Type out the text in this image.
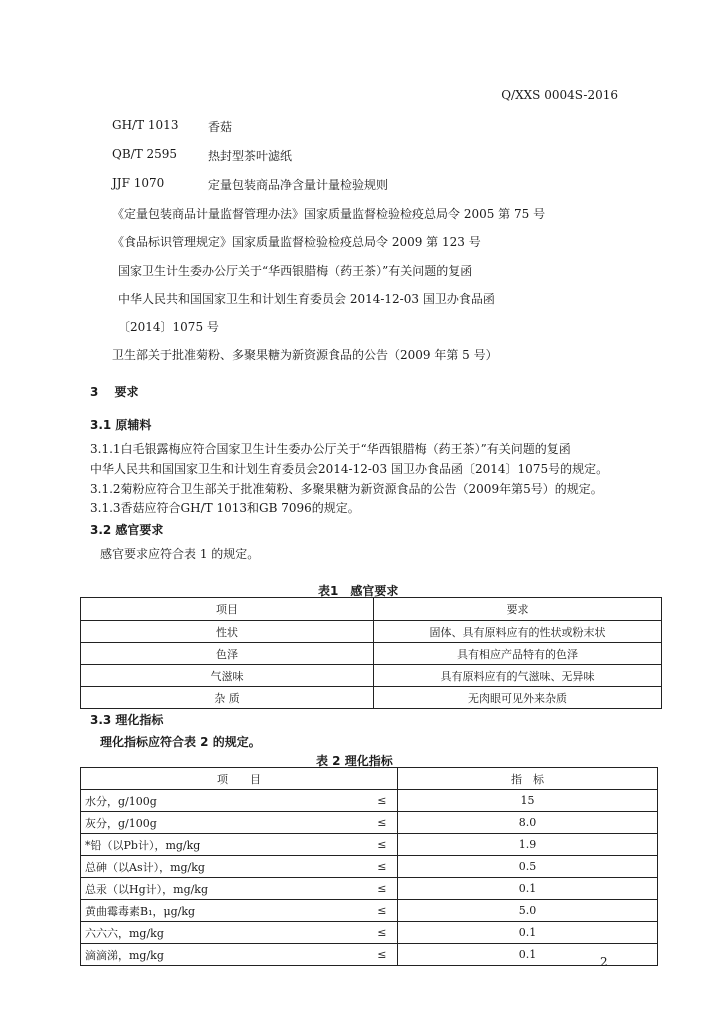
Q/XXS 0004S-2016
GH/T 1013 香菇
QB/T 2595	热封型茶叶滤纸
JJF 1070	定量包装商品净含量计量检验规则
《定量包装商品计量监督管理办法》国家质量监督检验检疫总局令 2005 第 75 号
《食品标识管理规定》国家质量监督检验检疫总局令 2009 第 123 号
国家卫生计生委办公厅关于“华西银腊梅（药王茶）”有关问题的复函
中华人民共和国国家卫生和计划生育委员会 2014-12-03 国卫办食品函
〔2014〕1075 号
卫生部关于批准菊粉、多聚果糖为新资源食品的公告（2009 年第 5 号）
3　 要求
3.1 原辅料
3.1.1白毛银露梅应符合国家卫生计生委办公厅关于“华西银腊梅（药王茶）”有关问题的复函
中华人民共和国国家卫生和计划生育委员会2014-12-03 国卫办食品函〔2014〕1075号的规定。
3.1.2菊粉应符合卫生部关于批准菊粉、多聚果糖为新资源食品的公告（2009年第5号）的规定。
3.1.3香菇应符合GH/T 1013和GB 7096的规定。
3.2 感官要求
感官要求应符合表 1 的规定。
表1　感官要求
项目	要求
性状	固体、具有原料应有的性状或粉末状
色泽	具有相应产品特有的色泽
气滋味	具有原料应有的气滋味、无异味
杂 质	无肉眼可见外来杂质
3.3 理化指标
理化指标应符合表 2 的规定。
表 2 理化指标
项　　目		指　标
水分，g/100g	≤	15
灰分，g/100g	≤	8.0
*铅（以Pb计），mg/kg	≤	1.9
总砷（以As计），mg/kg	≤	0.5
总汞（以Hg计），mg/kg	≤	0.1
黄曲霉毒素B₁，μg/kg	≤	5.0
六六六，mg/kg	≤	0.1
滴滴涕，mg/kg	≤	0.1
2
